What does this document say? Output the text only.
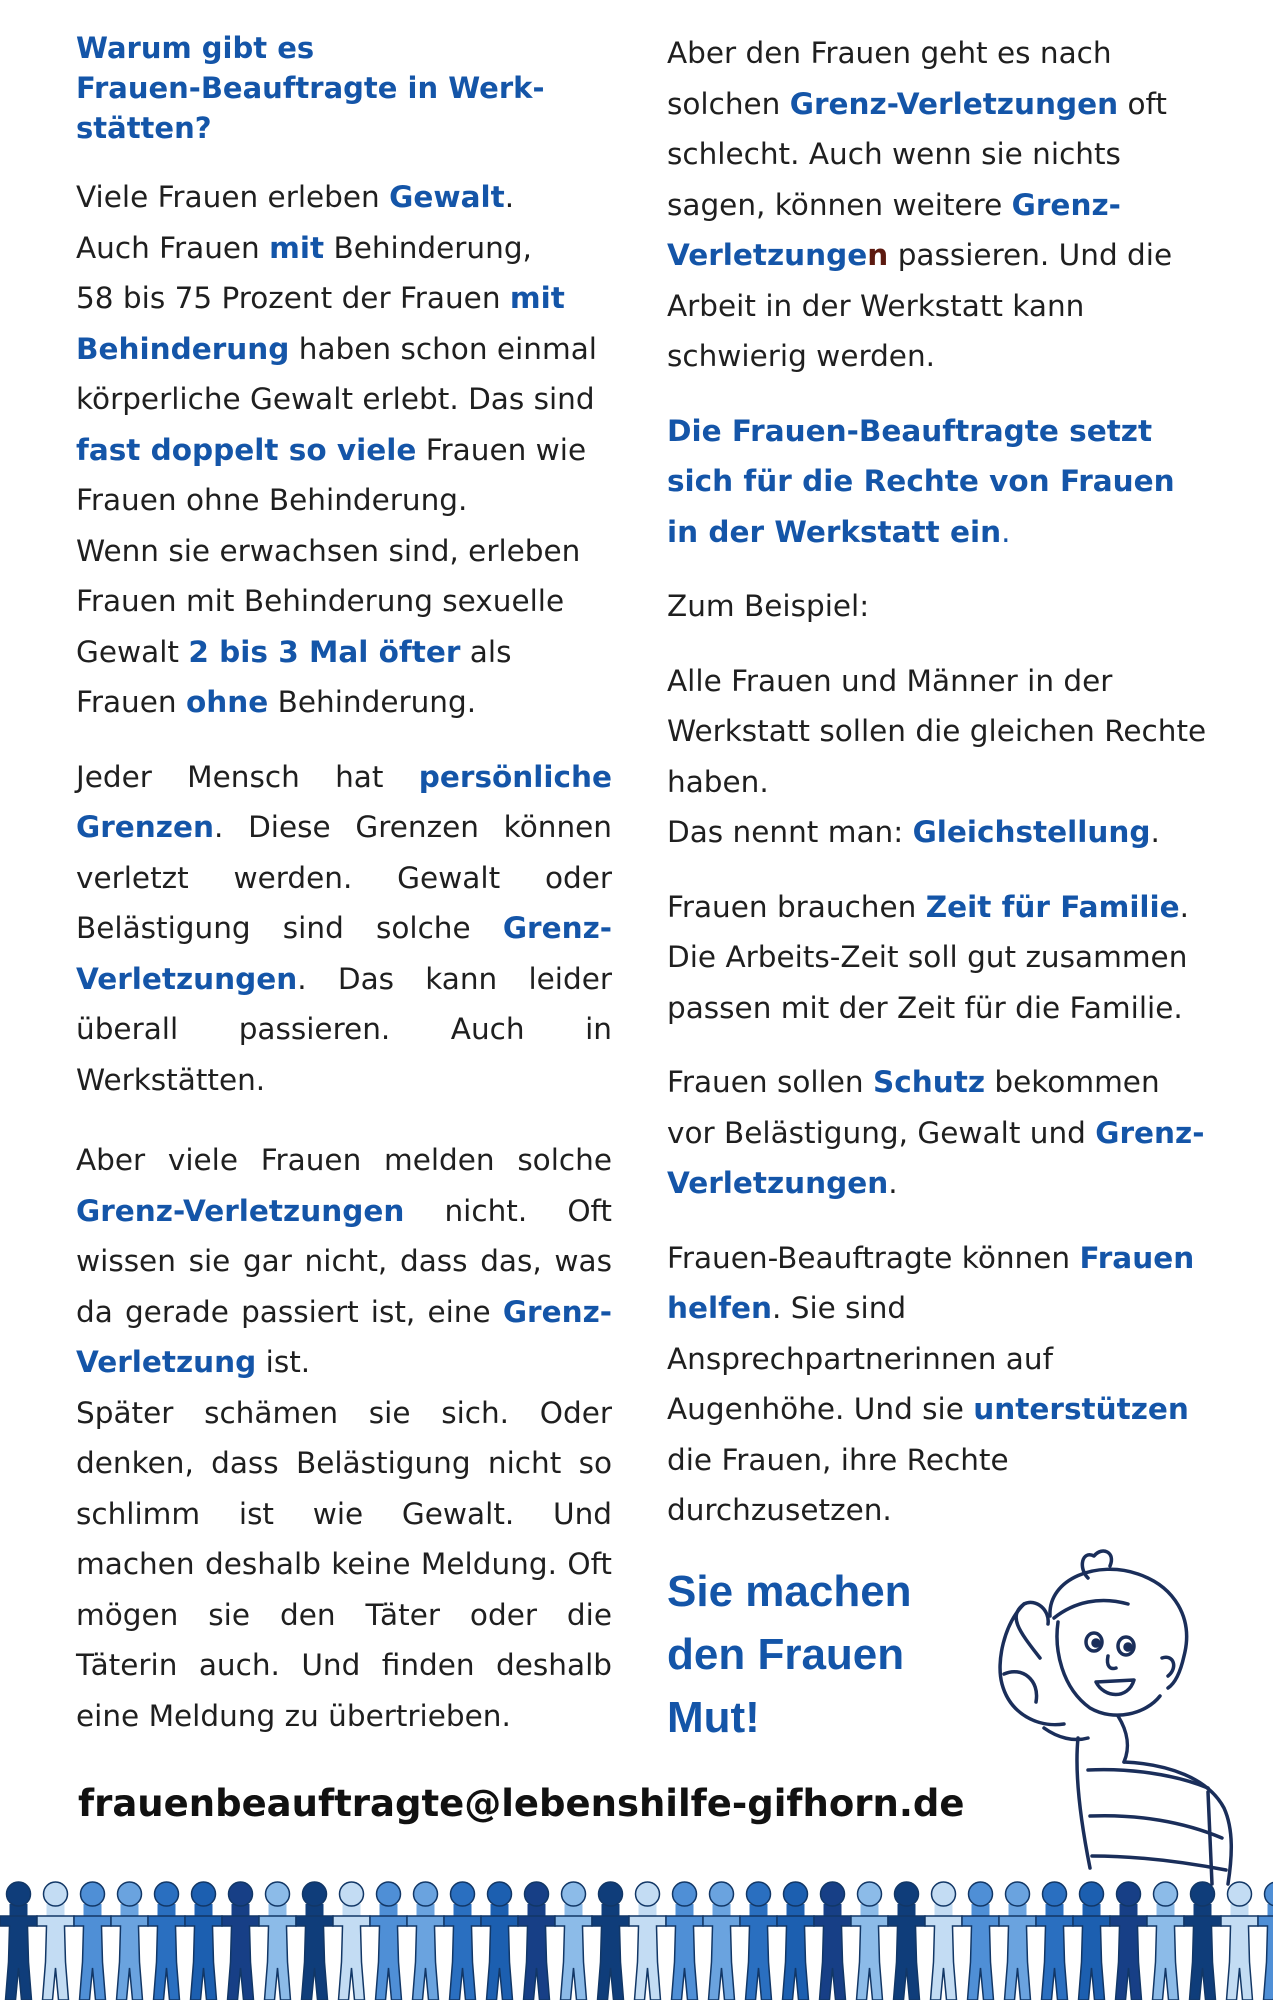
Warum gibt es
Frauen-Beauftragte in Werk-
stätten?

Viele Frauen erleben Gewalt.
Auch Frauen mit Behinderung,
58 bis 75 Prozent der Frauen mit Behinderung haben schon einmal körperliche Gewalt erlebt. Das sind fast doppelt so viele Frauen wie Frauen ohne Behinderung.
Wenn sie erwachsen sind, erleben Frauen mit Behinderung sexuelle Gewalt 2 bis 3 Mal öfter als Frauen ohne Behinderung.

Jeder Mensch hat persönliche Grenzen. Diese Grenzen können verletzt werden. Gewalt oder Belästigung sind solche Grenz-Verletzungen. Das kann leider überall passieren. Auch in Werkstätten.

Aber viele Frauen melden solche Grenz-Verletzungen nicht. Oft wissen sie gar nicht, dass das, was da gerade passiert ist, eine Grenz-Verletzung ist.
Später schämen sie sich. Oder denken, dass Belästigung nicht so schlimm ist wie Gewalt. Und machen deshalb keine Meldung. Oft mögen sie den Täter oder die Täterin auch. Und finden deshalb eine Meldung zu übertrieben.

Aber den Frauen geht es nach solchen Grenz-Verletzungen oft schlecht. Auch wenn sie nichts sagen, können weitere Grenz-Verletzungen passieren. Und die Arbeit in der Werkstatt kann schwierig werden.

Die Frauen-Beauftragte setzt sich für die Rechte von Frauen in der Werkstatt ein.

Zum Beispiel:

Alle Frauen und Männer in der Werkstatt sollen die gleichen Rechte haben.
Das nennt man: Gleichstellung.

Frauen brauchen Zeit für Familie. Die Arbeits-Zeit soll gut zusammen passen mit der Zeit für die Familie.

Frauen sollen Schutz bekommen vor Belästigung, Gewalt und Grenz-Verletzungen.

Frauen-Beauftragte können Frauen helfen. Sie sind Ansprechpartnerinnen auf Augenhöhe. Und sie unterstützen die Frauen, ihre Rechte durchzusetzen.

Sie machen
den Frauen
Mut!
frauenbeauftragte@lebenshilfe-gifhorn.de
